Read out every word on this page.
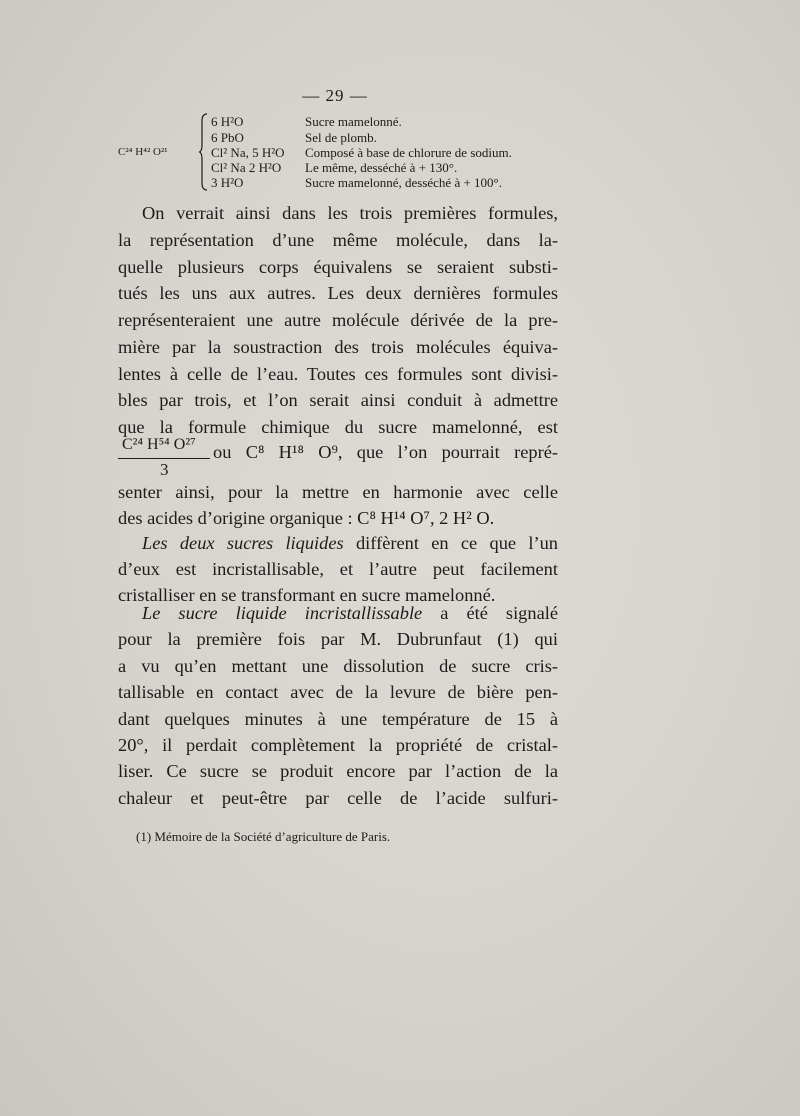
— 29 —
C²⁴ H⁴² O²¹
6 H²O	Sucre mamelonné.
6 PbO	Sel de plomb.
Cl² Na, 5 H²O Composé à base de chlorure de sodium.
Cl² Na 2 H²O Le même, desséché à + 130°.
3 H²O	Sucre mamelonné, desséché à + 100°.
On verrait ainsi dans les trois premières formules,
la représentation d’une même molécule, dans la-
quelle plusieurs corps équivalens se seraient substi-
tués les uns aux autres. Les deux dernières formules
représenteraient une autre molécule dérivée de la pre-
mière par la soustraction des trois molécules équiva-
lentes à celle de l’eau. Toutes ces formules sont divisi-
bles par trois, et l’on serait ainsi conduit à admettre
que la formule chimique du sucre mamelonné, est
C²⁴ H⁵⁴ O²⁷
3
ou C⁸ H¹⁸ O⁹, que l’on pourrait repré-
senter ainsi, pour la mettre en harmonie avec celle
des acides d’origine organique : C⁸ H¹⁴ O⁷, 2 H² O.
Les deux sucres liquides diffèrent en ce que l’un
d’eux est incristallisable, et l’autre peut facilement
cristalliser en se transformant en sucre mamelonné.
Le sucre liquide incristallissable a été signalé
pour la première fois par M. Dubrunfaut (1) qui
a vu qu’en mettant une dissolution de sucre cris-
tallisable en contact avec de la levure de bière pen-
dant quelques minutes à une température de 15 à
20°, il perdait complètement la propriété de cristal-
liser. Ce sucre se produit encore par l’action de la
chaleur et peut-être par celle de l’acide sulfuri-
(1) Mémoire de la Société d’agriculture de Paris.
